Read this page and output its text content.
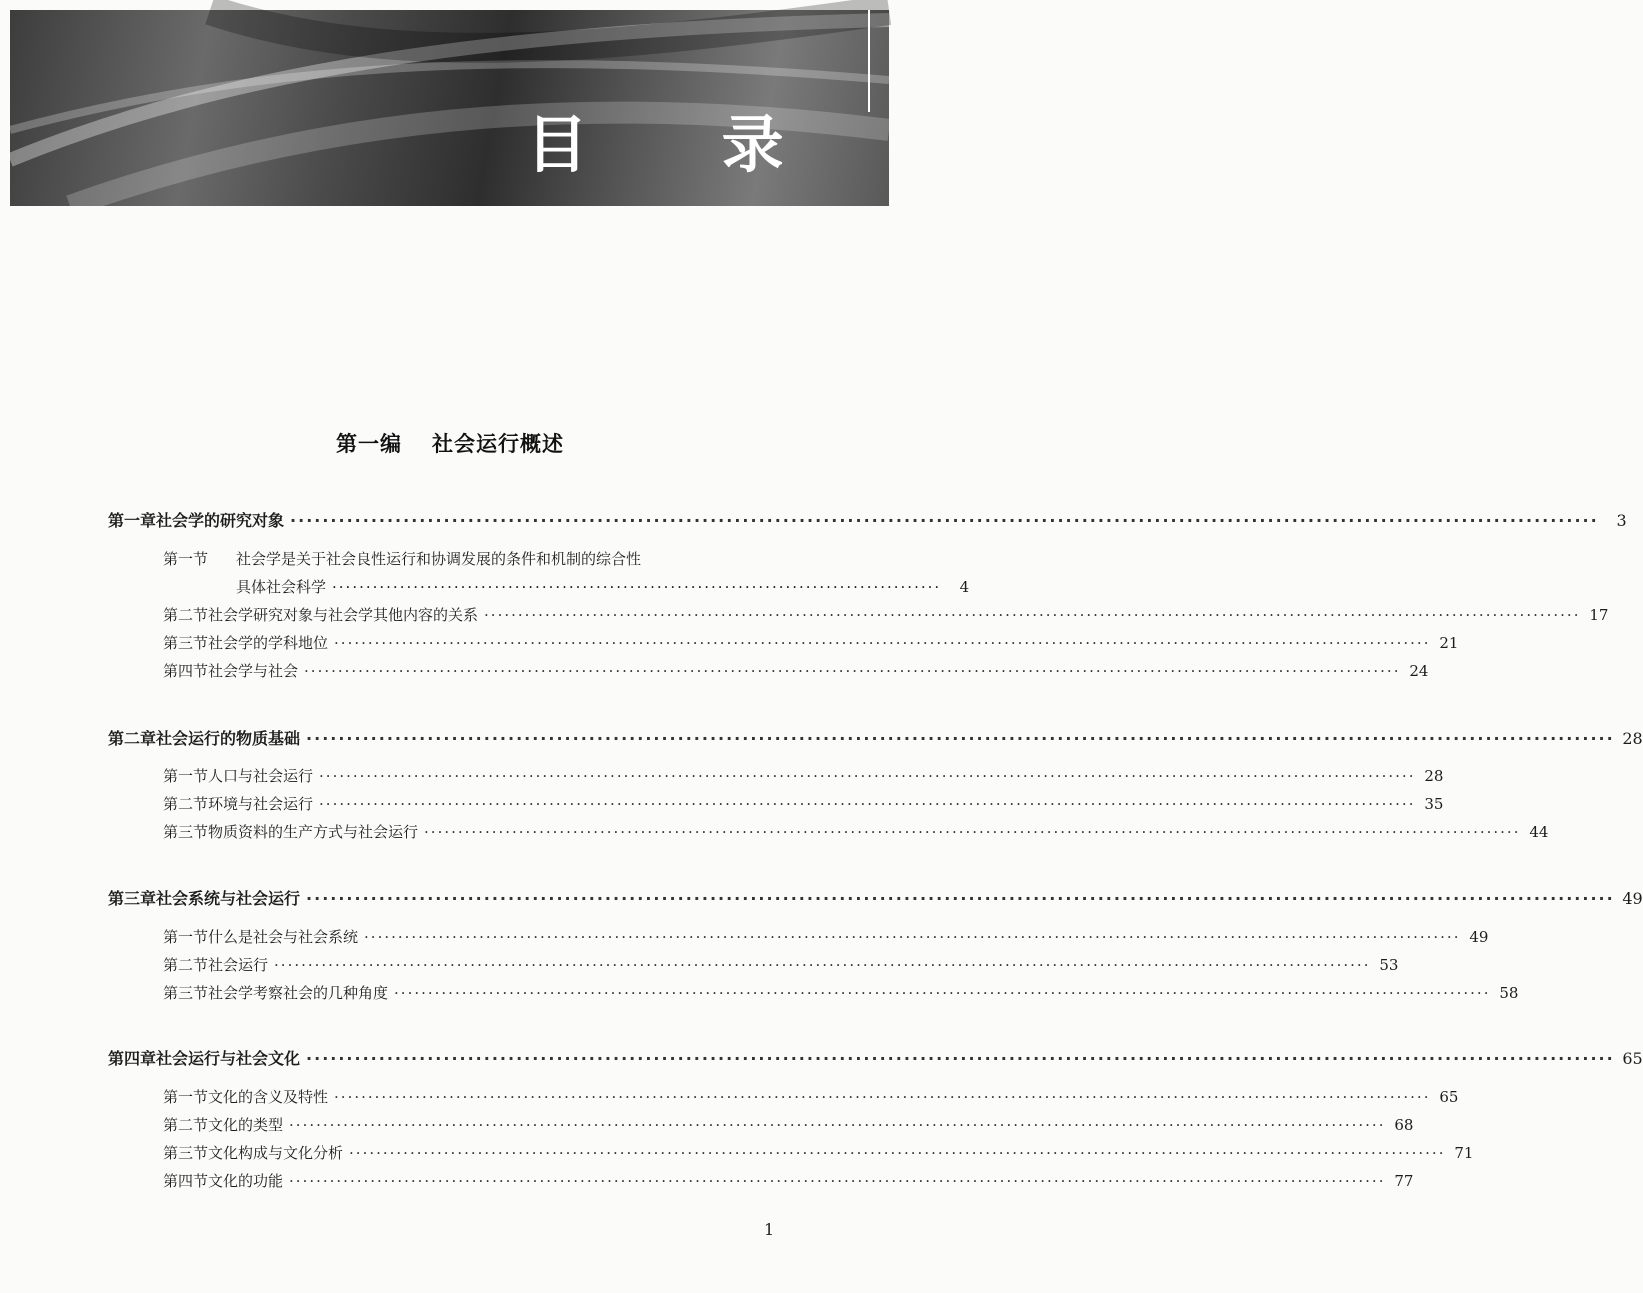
目 录
第一编 社会运行概述
第一章 社会学的研究对象 ·····	3
第一节	社会学是关于社会良性运行和协调发展的条件和机制的综合性
具体社会科学 ··························································································	4
第二节 社会学研究对象与社会学其他内容的关系 ·····	17
第三节 社会学的学科地位 ·····	21
第四节 社会学与社会 ·····	24
第二章 社会运行的物质基础 ·····	28
第一节 人口与社会运行 ·····	28
第二节 环境与社会运行 ·····	35
第三节 物质资料的生产方式与社会运行 ·····	44
第三章 社会系统与社会运行 ·····	49
第一节 什么是社会与社会系统 ·····	49
第二节 社会运行 ·····	53
第三节 社会学考察社会的几种角度 ·····	58
第四章 社会运行与社会文化 ·····	65
第一节 文化的含义及特性 ·····	65
第二节 文化的类型 ·····	68
第三节 文化构成与文化分析 ·····	71
第四节 文化的功能 ·····	77
1
